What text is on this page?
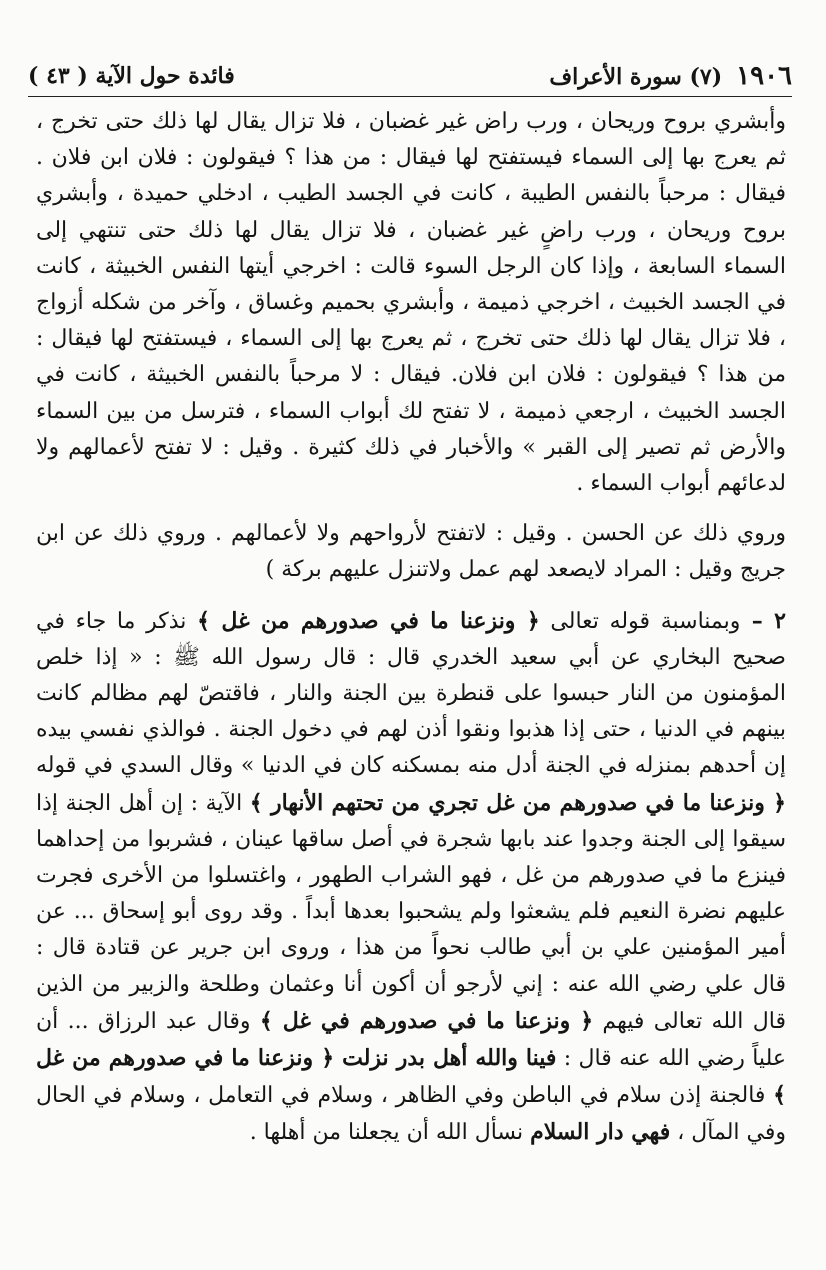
١٩٠٦
(٧) سورة الأعراف
فائدة حول الآية ( ٤٣ )

وأبشري بروح وريحان ، ورب راض غير غضبان ، فلا تزال يقال لها ذلك حتى تخرج ، ثم يعرج بها إلى السماء فيستفتح لها فيقال : من هذا ؟ فيقولون : فلان ابن فلان . فيقال : مرحباً بالنفس الطيبة ، كانت في الجسد الطيب ، ادخلي حميدة ، وأبشري بروح وريحان ، ورب راضٍ غير غضبان ، فلا تزال يقال لها ذلك حتى تنتهي إلى السماء السابعة ، وإذا كان الرجل السوء قالت : اخرجي أيتها النفس الخبيثة ، كانت في الجسد الخبيث ، اخرجي ذميمة ، وأبشري بحميم وغساق ، وآخر من شكله أزواج ، فلا تزال يقال لها ذلك حتى تخرج ، ثم يعرج بها إلى السماء ، فيستفتح لها فيقال : من هذا ؟ فيقولون : فلان ابن فلان. فيقال : لا مرحباً بالنفس الخبيثة ، كانت في الجسد الخبيث ، ارجعي ذميمة ، لا تفتح لك أبواب السماء ، فترسل من بين السماء والأرض ثم تصير إلى القبر » والأخبار في ذلك كثيرة . وقيل : لا تفتح لأعمالهم ولا لدعائهم أبواب السماء .

وروي ذلك عن الحسن . وقيل : لاتفتح لأرواحهم ولا لأعمالهم . وروي ذلك عن ابن جريج وقيل : المراد لايصعد لهم عمل ولاتنزل عليهم بركة )

٢ – وبمناسبة قوله تعالى ﴿ ونزعنا ما في صدورهم من غل ﴾ نذكر ما جاء في صحيح البخاري عن أبي سعيد الخدري قال : قال رسول الله ﷺ : « إذا خلص المؤمنون من النار حبسوا على قنطرة بين الجنة والنار ، فاقتصّ لهم مظالم كانت بينهم في الدنيا ، حتى إذا هذبوا ونقوا أذن لهم في دخول الجنة . فوالذي نفسي بيده إن أحدهم بمنزله في الجنة أدل منه بمسكنه كان في الدنيا » وقال السدي في قوله ﴿ ونزعنا ما في صدورهم من غل تجري من تحتهم الأنهار ﴾ الآية : إن أهل الجنة إذا سيقوا إلى الجنة وجدوا عند بابها شجرة في أصل ساقها عينان ، فشربوا من إحداهما فينزع ما في صدورهم من غل ، فهو الشراب الطهور ، واغتسلوا من الأخرى فجرت عليهم نضرة النعيم فلم يشعثوا ولم يشحبوا بعدها أبداً . وقد روى أبو إسحاق ... عن أمير المؤمنين علي بن أبي طالب نحواً من هذا ، وروى ابن جرير عن قتادة قال : قال علي رضي الله عنه : إني لأرجو أن أكون أنا وعثمان وطلحة والزبير من الذين قال الله تعالى فيهم ﴿ ونزعنا ما في صدورهم في غل ﴾ وقال عبد الرزاق ... أن علياً رضي الله عنه قال : فينا والله أهل بدر نزلت ﴿ ونزعنا ما في صدورهم من غل ﴾ فالجنة إذن سلام في الباطن وفي الظاهر ، وسلام في التعامل ، وسلام في الحال وفي المآل ، فهي دار السلام نسأل الله أن يجعلنا من أهلها .
